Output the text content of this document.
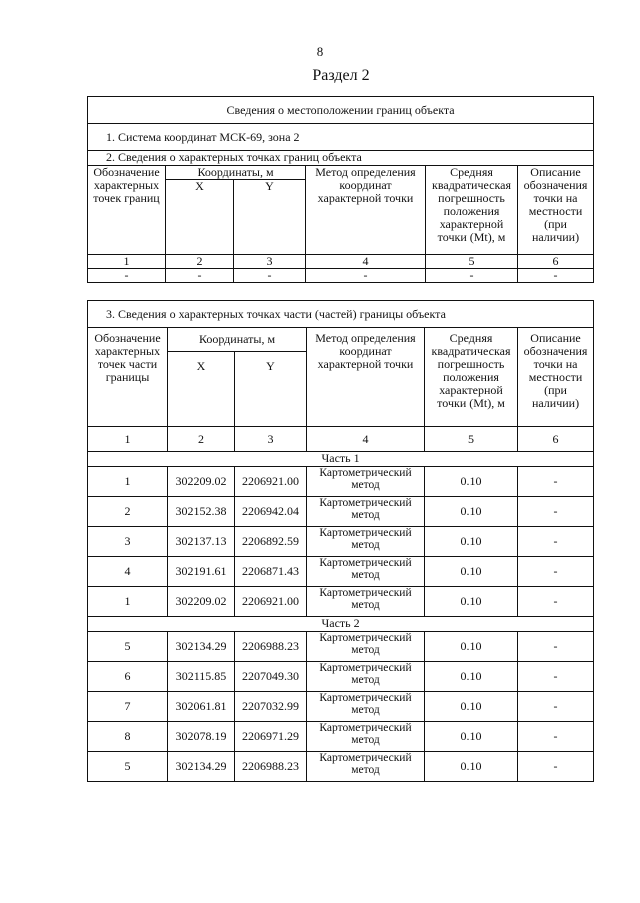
8
Раздел 2
Сведения о местоположении границ объекта					
1. Система координат МСК-69, зона 2					
2. Сведения о характерных точках границ объекта					
Обозначение характерных точек границ	Координаты, м		Метод определения координат характерной точки	Средняя квадратическая погрешность положения характерной точки (Mt), м	Описание обозначения точки на местности (при наличии)
	X	Y			
1	2	3	4	5	6
-	-	-	-	-	-
3. Сведения о характерных точках части (частей) границы объекта					
Обозначение характерных точек части границы	Координаты, м		Метод определения координат характерной точки	Средняя квадратическая погрешность положения характерной точки (Mt), м	Описание обозначения точки на местности (при наличии)
	X	Y			
1	2	3	4	5	6
Часть 1					
1	302209.02	2206921.00	Картометрический метод	0.10	-
2	302152.38	2206942.04	Картометрический метод	0.10	-
3	302137.13	2206892.59	Картометрический метод	0.10	-
4	302191.61	2206871.43	Картометрический метод	0.10	-
1	302209.02	2206921.00	Картометрический метод	0.10	-
Часть 2					
5	302134.29	2206988.23	Картометрический метод	0.10	-
6	302115.85	2207049.30	Картометрический метод	0.10	-
7	302061.81	2207032.99	Картометрический метод	0.10	-
8	302078.19	2206971.29	Картометрический метод	0.10	-
5	302134.29	2206988.23	Картометрический метод	0.10	-
